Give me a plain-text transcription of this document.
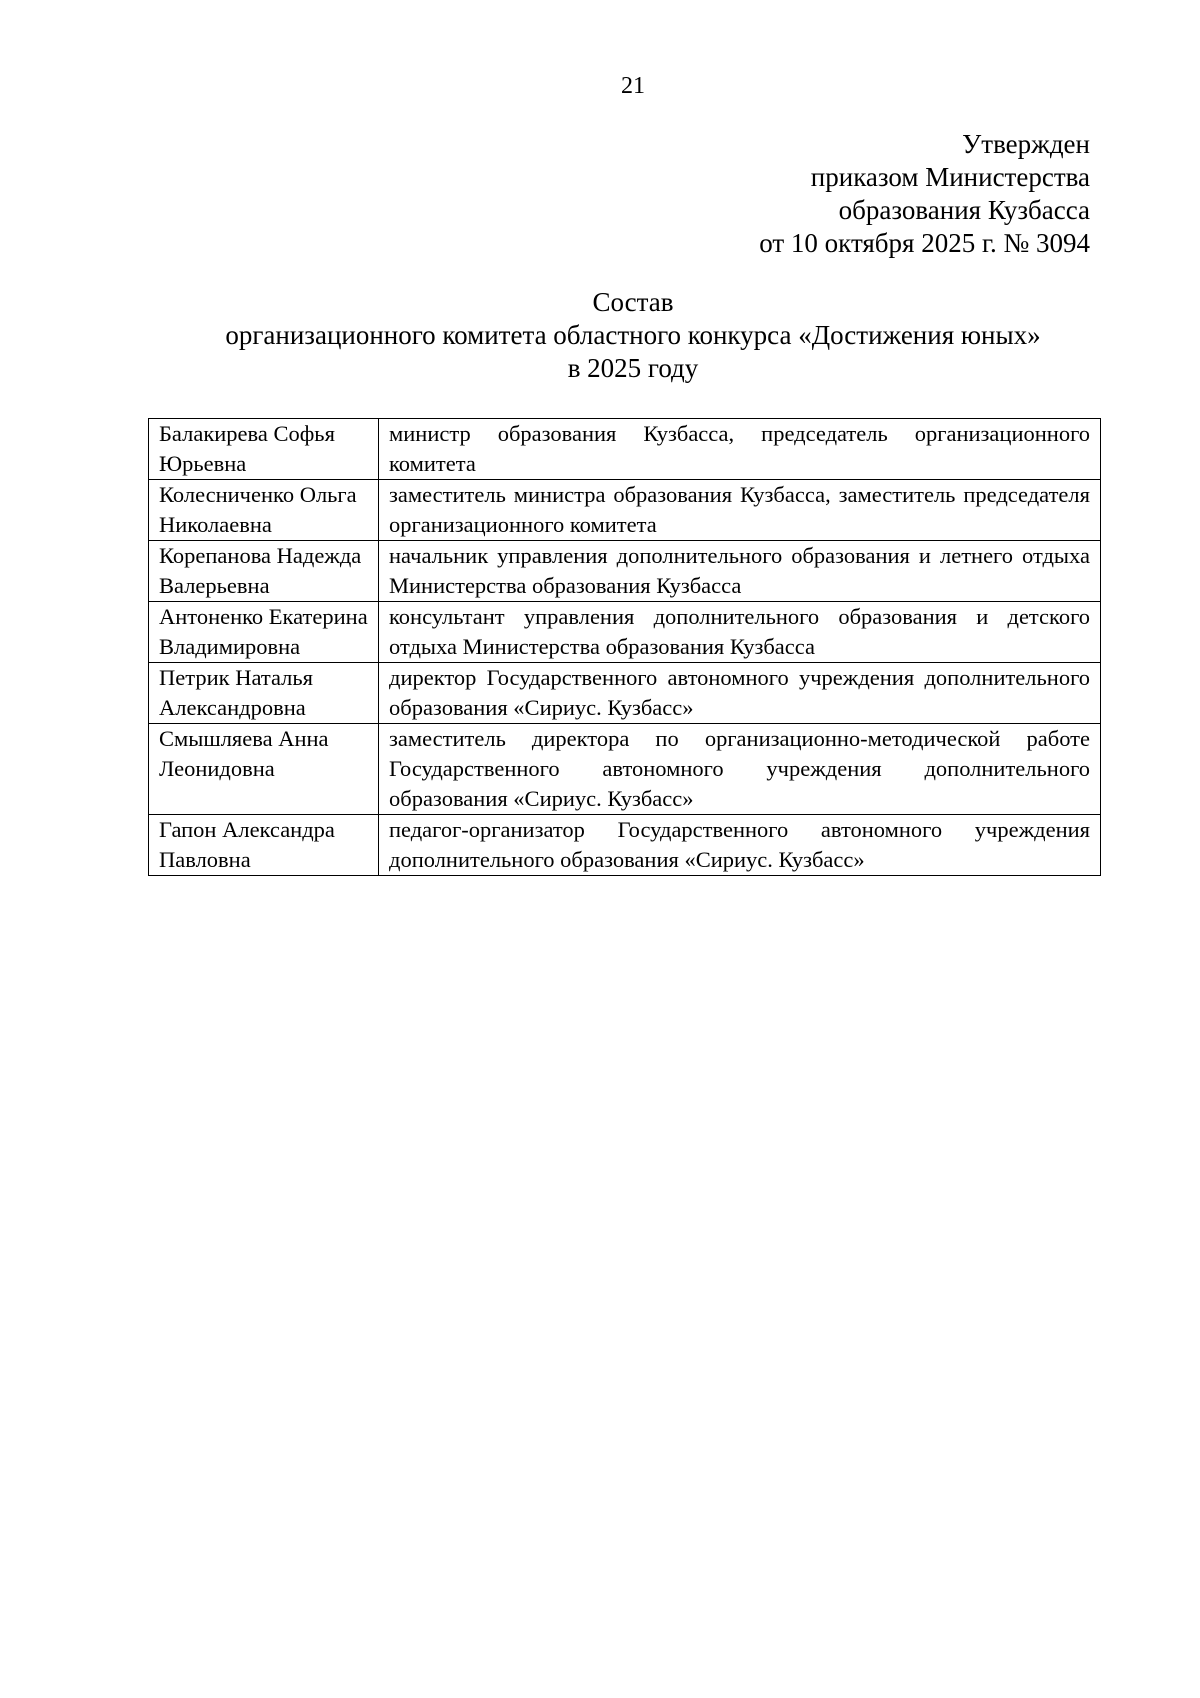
21
Утвержден
приказом Министерства
образования Кузбасса
от 10 октября 2025 г. № 3094
Состав
организационного комитета областного конкурса «Достижения юных»
в 2025 году
Балакирева Софья Юрьевна	министр образования Кузбасса, председатель организационного комитета
Колесниченко Ольга Николаевна	заместитель министра образования Кузбасса, заместитель председателя организационного комитета
Корепанова Надежда Валерьевна	начальник управления дополнительного образования и летнего отдыха Министерства образования Кузбасса
Антоненко Екатерина Владимировна	консультант управления дополнительного образования и детского отдыха Министерства образования Кузбасса
Петрик Наталья Александровна	директор Государственного автономного учреждения дополнительного образования «Сириус. Кузбасс»
Смышляева Анна Леонидовна	заместитель директора по организационно-методической работе Государственного автономного учреждения дополнительного образования «Сириус. Кузбасс»
Гапон Александра Павловна	педагог-организатор Государственного автономного учреждения дополнительного образования «Сириус. Кузбасс»
